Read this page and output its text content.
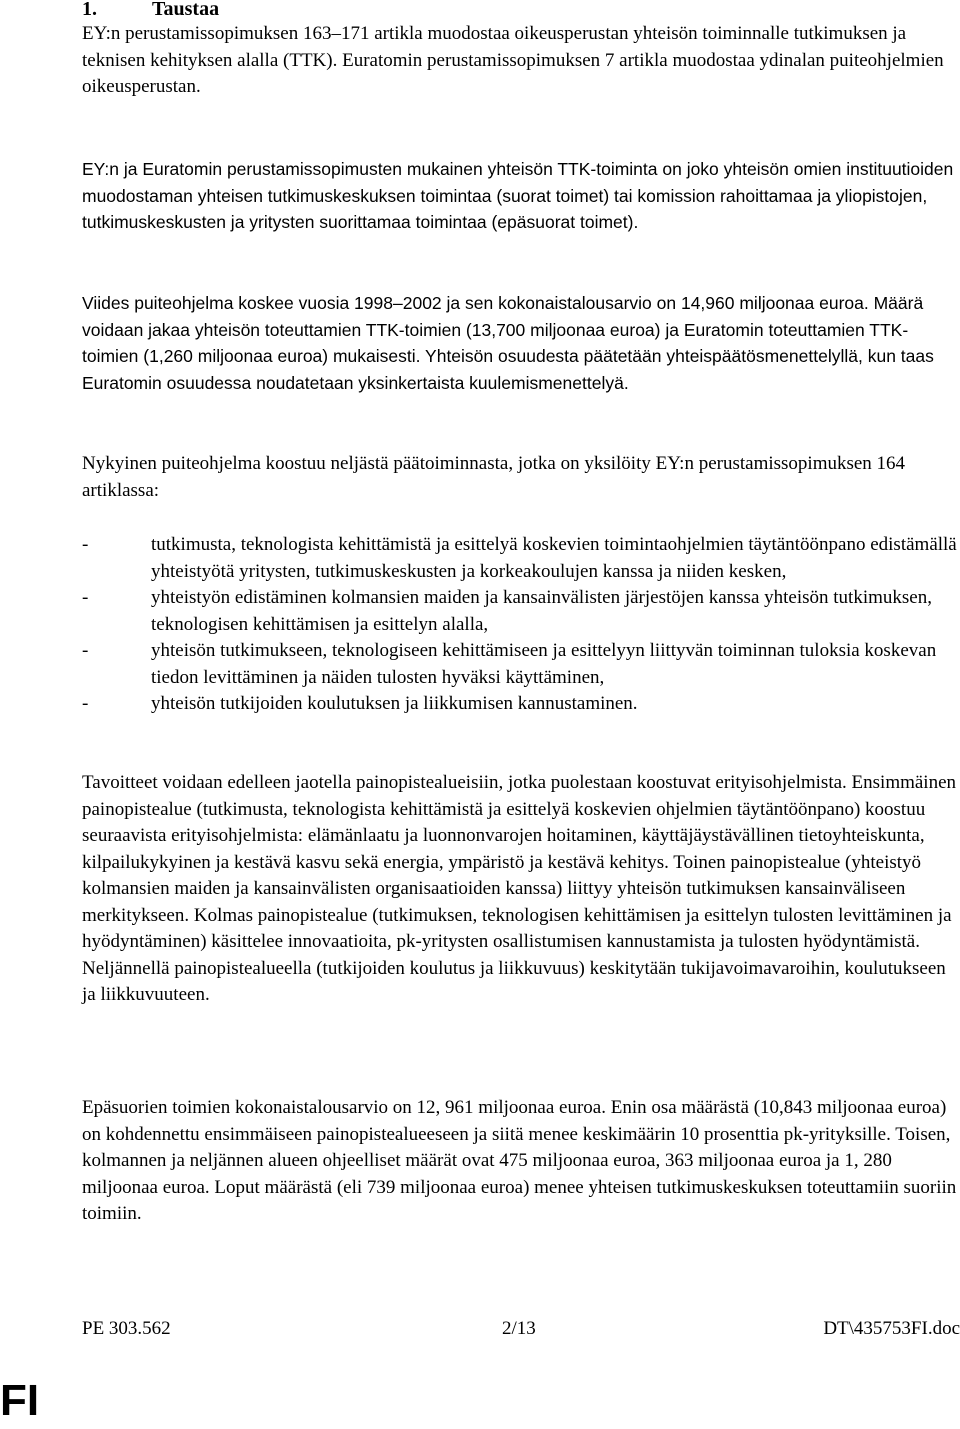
1.	Taustaa

EY:n perustamissopimuksen 163–171 artikla muodostaa oikeusperustan yhteisön toiminnalle tutkimuksen ja teknisen kehityksen alalla (TTK). Euratomin perustamissopimuksen 7 artikla muodostaa ydinalan puiteohjelmien oikeusperustan.

EY:n ja Euratomin perustamissopimusten mukainen yhteisön TTK-toiminta on joko yhteisön omien instituutioiden muodostaman yhteisen tutkimuskeskuksen toimintaa (suorat toimet) tai komission rahoittamaa ja yliopistojen, tutkimuskeskusten ja yritysten suorittamaa toimintaa (epäsuorat toimet).

Viides puiteohjelma koskee vuosia 1998–2002 ja sen kokonaistalousarvio on 14,960 miljoonaa euroa. Määrä voidaan jakaa yhteisön toteuttamien TTK-toimien (13,700 miljoonaa euroa) ja Euratomin toteuttamien TTK-toimien (1,260 miljoonaa euroa) mukaisesti. Yhteisön osuudesta päätetään yhteispäätösmenettelyllä, kun taas Euratomin osuudessa noudatetaan yksinkertaista kuulemismenettelyä.

Nykyinen puiteohjelma koostuu neljästä päätoiminnasta, jotka on yksilöity EY:n perustamissopimuksen 164 artiklassa:

-	tutkimusta, teknologista kehittämistä ja esittelyä koskevien toimintaohjelmien täytäntöönpano edistämällä yhteistyötä yritysten, tutkimuskeskusten ja korkeakoulujen kanssa ja niiden kesken,
-	yhteistyön edistäminen kolmansien maiden ja kansainvälisten järjestöjen kanssa yhteisön tutkimuksen, teknologisen kehittämisen ja esittelyn alalla,
-	yhteisön tutkimukseen, teknologiseen kehittämiseen ja esittelyyn liittyvän toiminnan tuloksia koskevan tiedon levittäminen ja näiden tulosten hyväksi käyttäminen,
-	yhteisön tutkijoiden koulutuksen ja liikkumisen kannustaminen.

Tavoitteet voidaan edelleen jaotella painopistealueisiin, jotka puolestaan koostuvat erityisohjelmista. Ensimmäinen painopistealue (tutkimusta, teknologista kehittämistä ja esittelyä koskevien ohjelmien täytäntöönpano) koostuu seuraavista erityisohjelmista: elämänlaatu ja luonnonvarojen hoitaminen, käyttäjäystävällinen tietoyhteiskunta, kilpailukykyinen ja kestävä kasvu sekä energia, ympäristö ja kestävä kehitys. Toinen painopistealue (yhteistyö kolmansien maiden ja kansainvälisten organisaatioiden kanssa) liittyy yhteisön tutkimuksen kansainväliseen merkitykseen. Kolmas painopistealue (tutkimuksen, teknologisen kehittämisen ja esittelyn tulosten levittäminen ja hyödyntäminen) käsittelee innovaatioita, pk-yritysten osallistumisen kannustamista ja tulosten hyödyntämistä. Neljännellä painopistealueella (tutkijoiden koulutus ja liikkuvuus) keskitytään tukijavoimavaroihin, koulutukseen ja liikkuvuuteen.

Epäsuorien toimien kokonaistalousarvio on 12, 961 miljoonaa euroa. Enin osa määrästä (10,843 miljoonaa euroa) on kohdennettu ensimmäiseen painopistealueeseen ja siitä menee keskimäärin 10 prosenttia pk-yrityksille. Toisen, kolmannen ja neljännen alueen ohjeelliset määrät ovat 475 miljoonaa euroa, 363 miljoonaa euroa ja 1, 280 miljoonaa euroa. Loput määrästä (eli 739 miljoonaa euroa) menee yhteisen tutkimuskeskuksen toteuttamiin suoriin toimiin.

PE 303.562	2/13	DT\435753FI.doc
FI
